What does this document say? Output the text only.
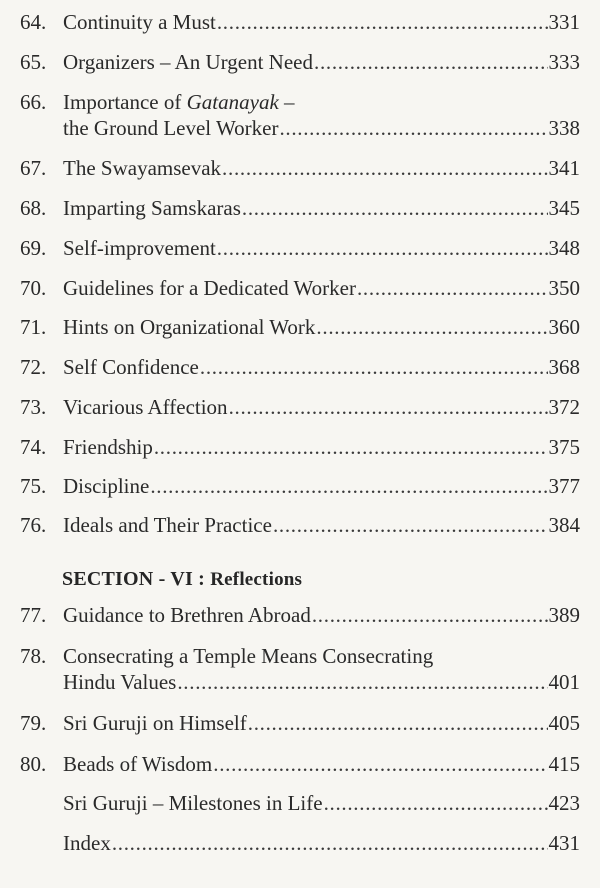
64. Continuity a Must .....	331
65. Organizers – An Urgent Need .....	333
66. Importance of Gatanayak –
the Ground Level Worker .....	338
67. The Swayamsevak .....	341
68. Imparting Samskaras .....	345
69. Self-improvement .....	348
70. Guidelines for a Dedicated Worker .....	350
71. Hints on Organizational Work .....	360
72. Self Confidence .....	368
73. Vicarious Affection .....	372
74. Friendship .....	375
75. Discipline .....	377
76. Ideals and Their Practice .....	384
SECTION - VI : Reflections
77. Guidance to Brethren Abroad .....	389
78. Consecrating a Temple Means Consecrating
Hindu Values .....	401
79. Sri Guruji on Himself .....	405
80. Beads of Wisdom .....	415
Sri Guruji – Milestones in Life .....	423
Index .....	431
